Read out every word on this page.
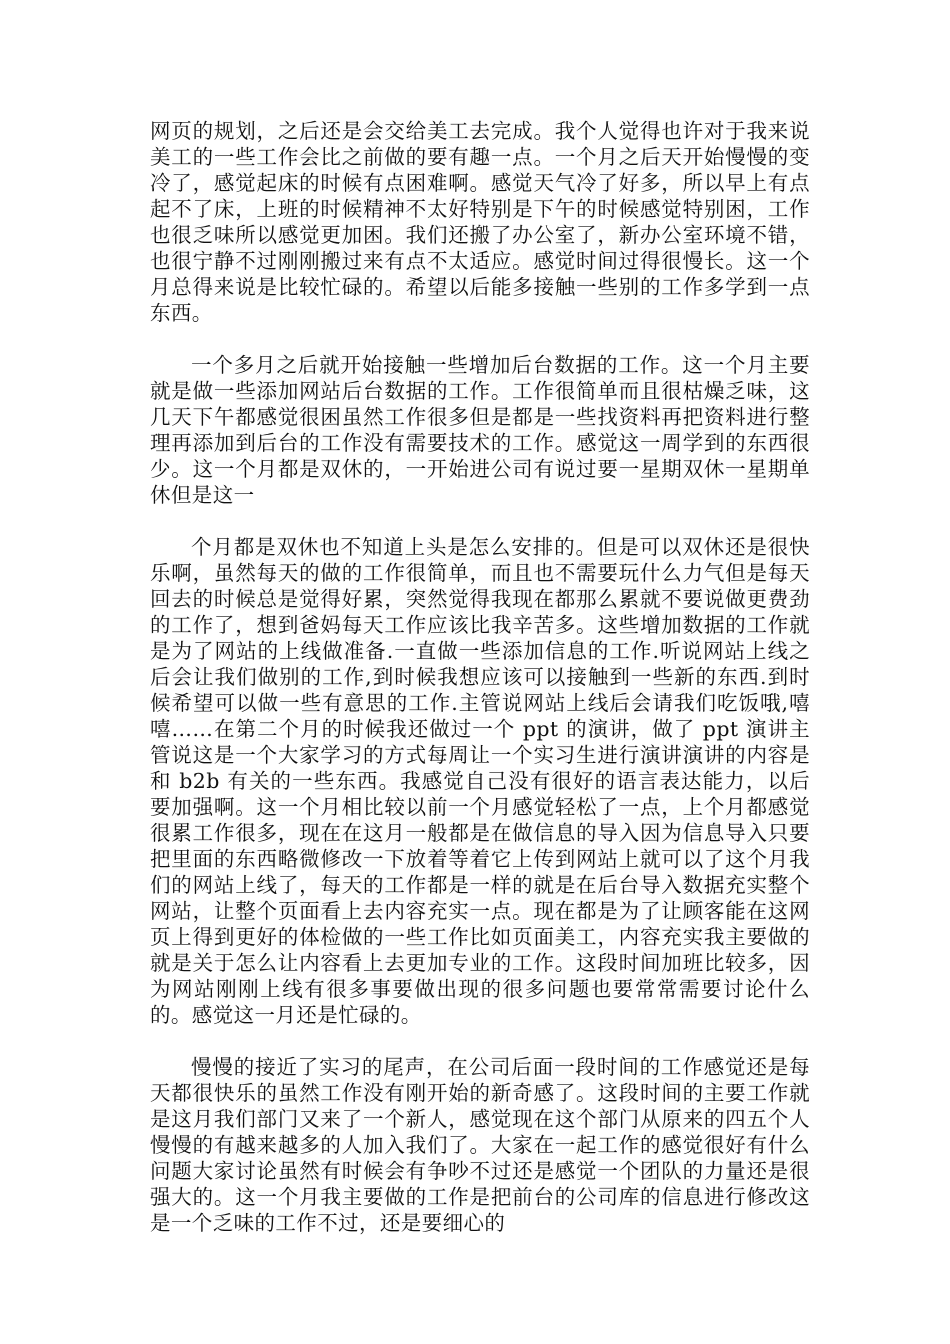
网页的规划，之后还是会交给美工去完成。我个人觉得也许对于我来说美工的一些工作会比之前做的要有趣一点。一个月之后天开始慢慢的变冷了，感觉起床的时候有点困难啊。感觉天气冷了好多，所以早上有点起不了床，上班的时候精神不太好特别是下午的时候感觉特别困，工作也很乏味所以感觉更加困。我们还搬了办公室了，新办公室环境不错，也很宁静不过刚刚搬过来有点不太适应。感觉时间过得很慢长。这一个月总得来说是比较忙碌的。希望以后能多接触一些别的工作多学到一点东西。

一个多月之后就开始接触一些增加后台数据的工作。这一个月主要就是做一些添加网站后台数据的工作。工作很简单而且很枯燥乏味，这几天下午都感觉很困虽然工作很多但是都是一些找资料再把资料进行整理再添加到后台的工作没有需要技术的工作。感觉这一周学到的东西很少。这一个月都是双休的，一开始进公司有说过要一星期双休一星期单休但是这一

个月都是双休也不知道上头是怎么安排的。但是可以双休还是很快乐啊，虽然每天的做的工作很简单，而且也不需要玩什么力气但是每天回去的时候总是觉得好累，突然觉得我现在都那么累就不要说做更费劲的工作了，想到爸妈每天工作应该比我辛苦多。这些增加数据的工作就是为了网站的上线做准备.一直做一些添加信息的工作.听说网站上线之后会让我们做别的工作,到时候我想应该可以接触到一些新的东西.到时候希望可以做一些有意思的工作.主管说网站上线后会请我们吃饭哦,嘻嘻……在第二个月的时候我还做过一个 ppt 的演讲，做了 ppt 演讲主管说这是一个大家学习的方式每周让一个实习生进行演讲演讲的内容是和 b2b 有关的一些东西。我感觉自己没有很好的语言表达能力，以后要加强啊。这一个月相比较以前一个月感觉轻松了一点，上个月都感觉很累工作很多，现在在这月一般都是在做信息的导入因为信息导入只要把里面的东西略微修改一下放着等着它上传到网站上就可以了这个月我们的网站上线了，每天的工作都是一样的就是在后台导入数据充实整个网站，让整个页面看上去内容充实一点。现在都是为了让顾客能在这网页上得到更好的体检做的一些工作比如页面美工，内容充实我主要做的就是关于怎么让内容看上去更加专业的工作。这段时间加班比较多，因为网站刚刚上线有很多事要做出现的很多问题也要常常需要讨论什么的。感觉这一月还是忙碌的。

慢慢的接近了实习的尾声，在公司后面一段时间的工作感觉还是每天都很快乐的虽然工作没有刚开始的新奇感了。这段时间的主要工作就是这月我们部门又来了一个新人，感觉现在这个部门从原来的四五个人慢慢的有越来越多的人加入我们了。大家在一起工作的感觉很好有什么问题大家讨论虽然有时候会有争吵不过还是感觉一个团队的力量还是很强大的。这一个月我主要做的工作是把前台的公司库的信息进行修改这是一个乏味的工作不过，还是要细心的
